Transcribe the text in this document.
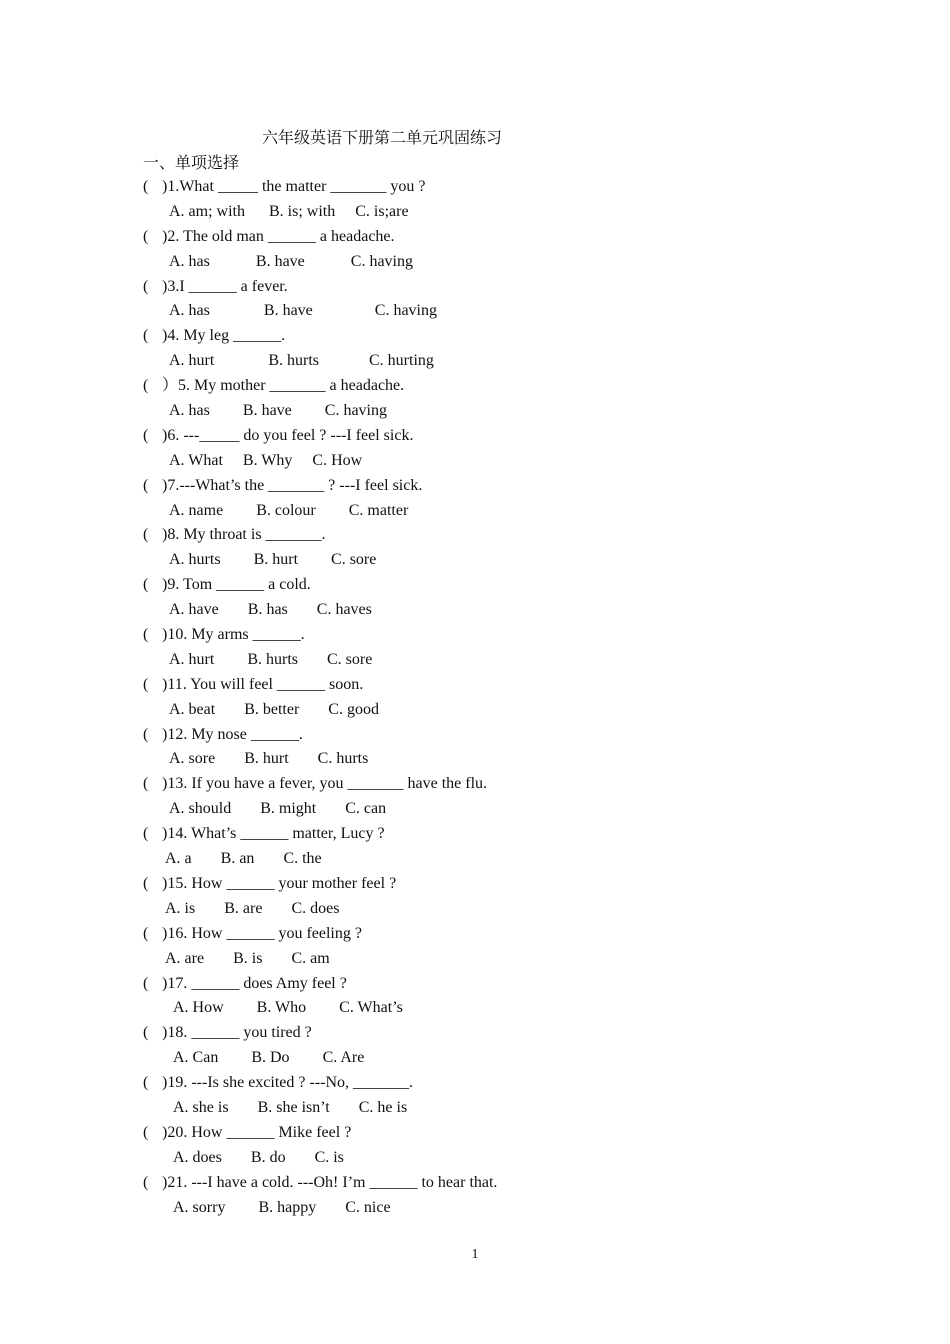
六年级英语下册第二单元巩固练习
一、单项选择
( )1.What _____ the matter _______ you ?
A. am; with B. is; with C. is;are
( )2. The old man ______ a headache.
A. has	B. have	C. having
( )3.I ______ a fever.
A. has	B. have	C. having
( )4. My leg ______.
A. hurt	B. hurts	C. hurting
( ）5. My mother _______ a headache.
A. has B. have C. having
( )6. ---_____ do you feel ? ---I feel sick.
A. What B. Why C. How
( )7.---What’s the _______ ? ---I feel sick.
A. name B. colour C. matter
( )8. My throat is _______.
A. hurts B. hurt C. sore
( )9. Tom ______ a cold.
A. have B. has C. haves
( )10. My arms ______.
A. hurt B. hurts C. sore
( )11. You will feel ______ soon.
A. beat B. better C. good
( )12. My nose ______.
A. sore B. hurt C. hurts
( )13. If you have a fever, you _______ have the flu.
A. should B. might C. can
( )14. What’s ______ matter, Lucy ?
A. a B. an C. the
( )15. How ______ your mother feel ?
A. is B. are C. does
( )16. How ______ you feeling ?
A. are B. is C. am
( )17. ______ does Amy feel ?
A. How B. Who C. What’s
( )18. ______ you tired ?
A. Can B. Do C. Are
( )19. ---Is she excited ? ---No, _______.
A. she is B. she isn’t C. he is
( )20. How ______ Mike feel ?
A. does B. do C. is
( )21. ---I have a cold. ---Oh! I’m ______ to hear that.
A. sorry B. happy C. nice
1
